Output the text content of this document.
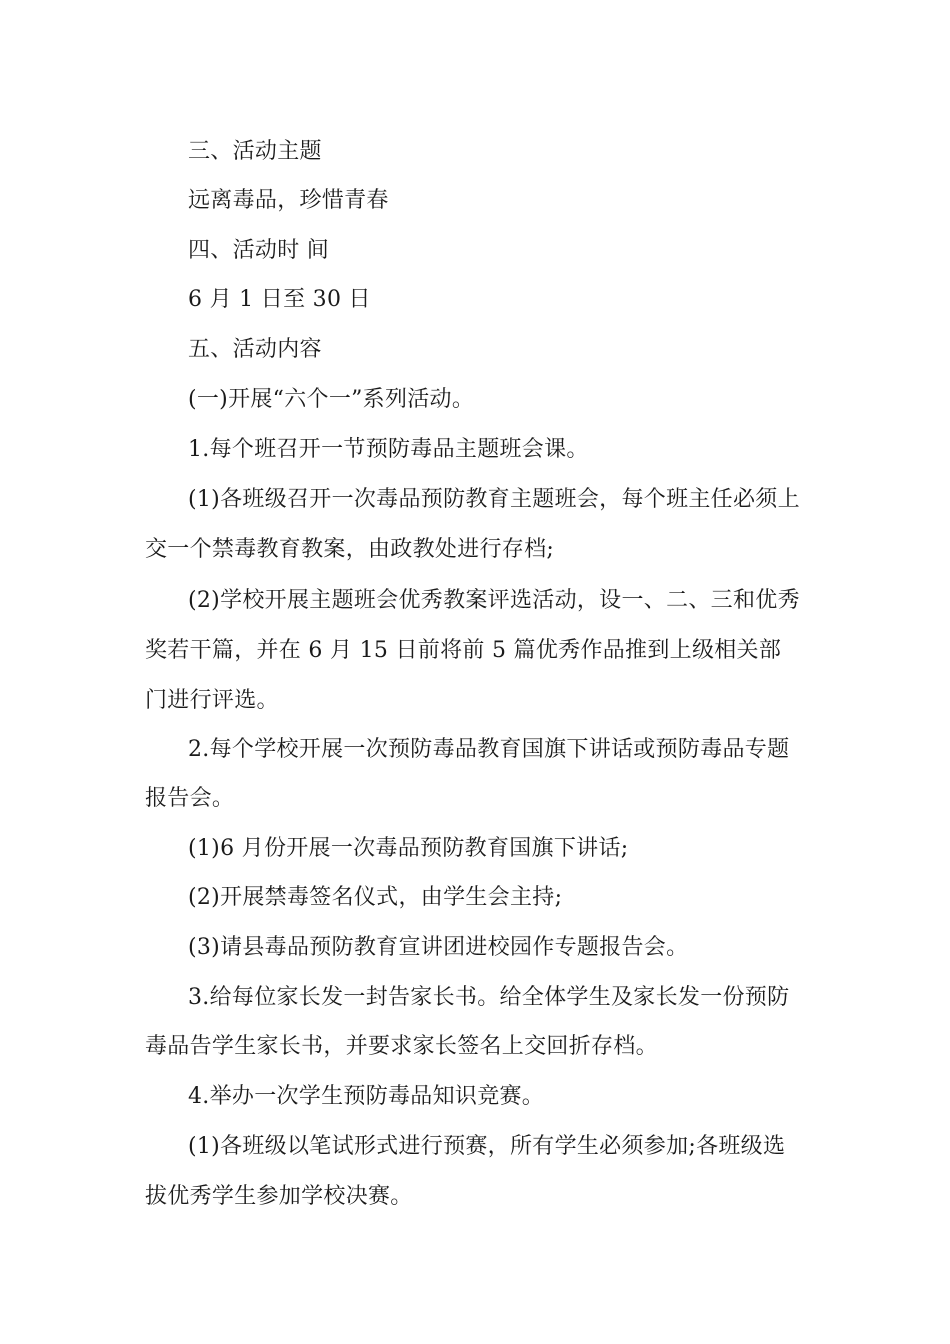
三、活动主题

远离毒品，珍惜青春

四、活动时 间

6 月 1 日至 30 日

五、活动内容

(一)开展“六个一”系列活动。

1.每个班召开一节预防毒品主题班会课。

(1)各班级召开一次毒品预防教育主题班会，每个班主任必须上

交一个禁毒教育教案，由政教处进行存档;

(2)学校开展主题班会优秀教案评选活动，设一、二、三和优秀

奖若干篇，并在 6 月 15 日前将前 5 篇优秀作品推到上级相关部

门进行评选。

2.每个学校开展一次预防毒品教育国旗下讲话或预防毒品专题

报告会。

(1)6 月份开展一次毒品预防教育国旗下讲话;

(2)开展禁毒签名仪式，由学生会主持;

(3)请县毒品预防教育宣讲团进校园作专题报告会。

3.给每位家长发一封告家长书。给全体学生及家长发一份预防

毒品告学生家长书，并要求家长签名上交回折存档。

4.举办一次学生预防毒品知识竞赛。

(1)各班级以笔试形式进行预赛，所有学生必须参加;各班级选

拔优秀学生参加学校决赛。
